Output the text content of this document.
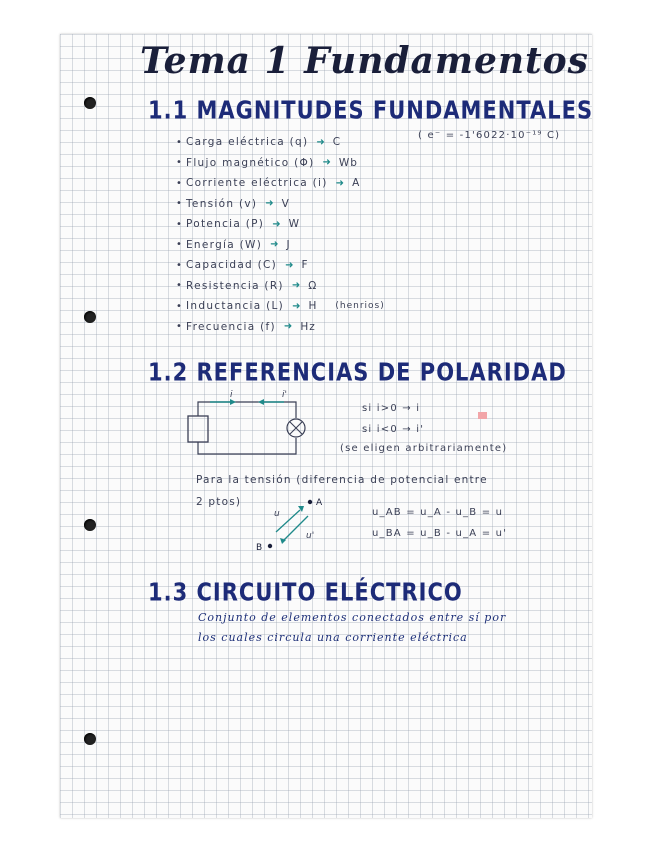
Tema 1 Fundamentos
1.1 MAGNITUDES FUNDAMENTALES
( e⁻ = -1'6022·10⁻¹⁹ C)
• Carga eléctrica (q) ➜ C
• Flujo magnético (Φ) ➜ Wb
• Corriente eléctrica (i) ➜ A
• Tensión (v) ➜ V
• Potencia (P) ➜ W
• Energía (W) ➜ J
• Capacidad (C) ➜ F
• Resistencia (R) ➜ Ω
• Inductancia (L) ➜ H (henrios)
• Frecuencia (f) ➜ Hz
1.2 REFERENCIAS DE POLARIDAD
i	i'
si i>0 → i
si i<0 → i'
(se eligen arbitrariamente)
Para la tensión (diferencia de potencial entre
2 ptos)	A
B
u
u'
u_AB = u_A - u_B = u
u_BA = u_B - u_A = u'
1.3 CIRCUITO ELÉCTRICO
Conjunto de elementos conectados entre sí por
los cuales circula una corriente eléctrica
